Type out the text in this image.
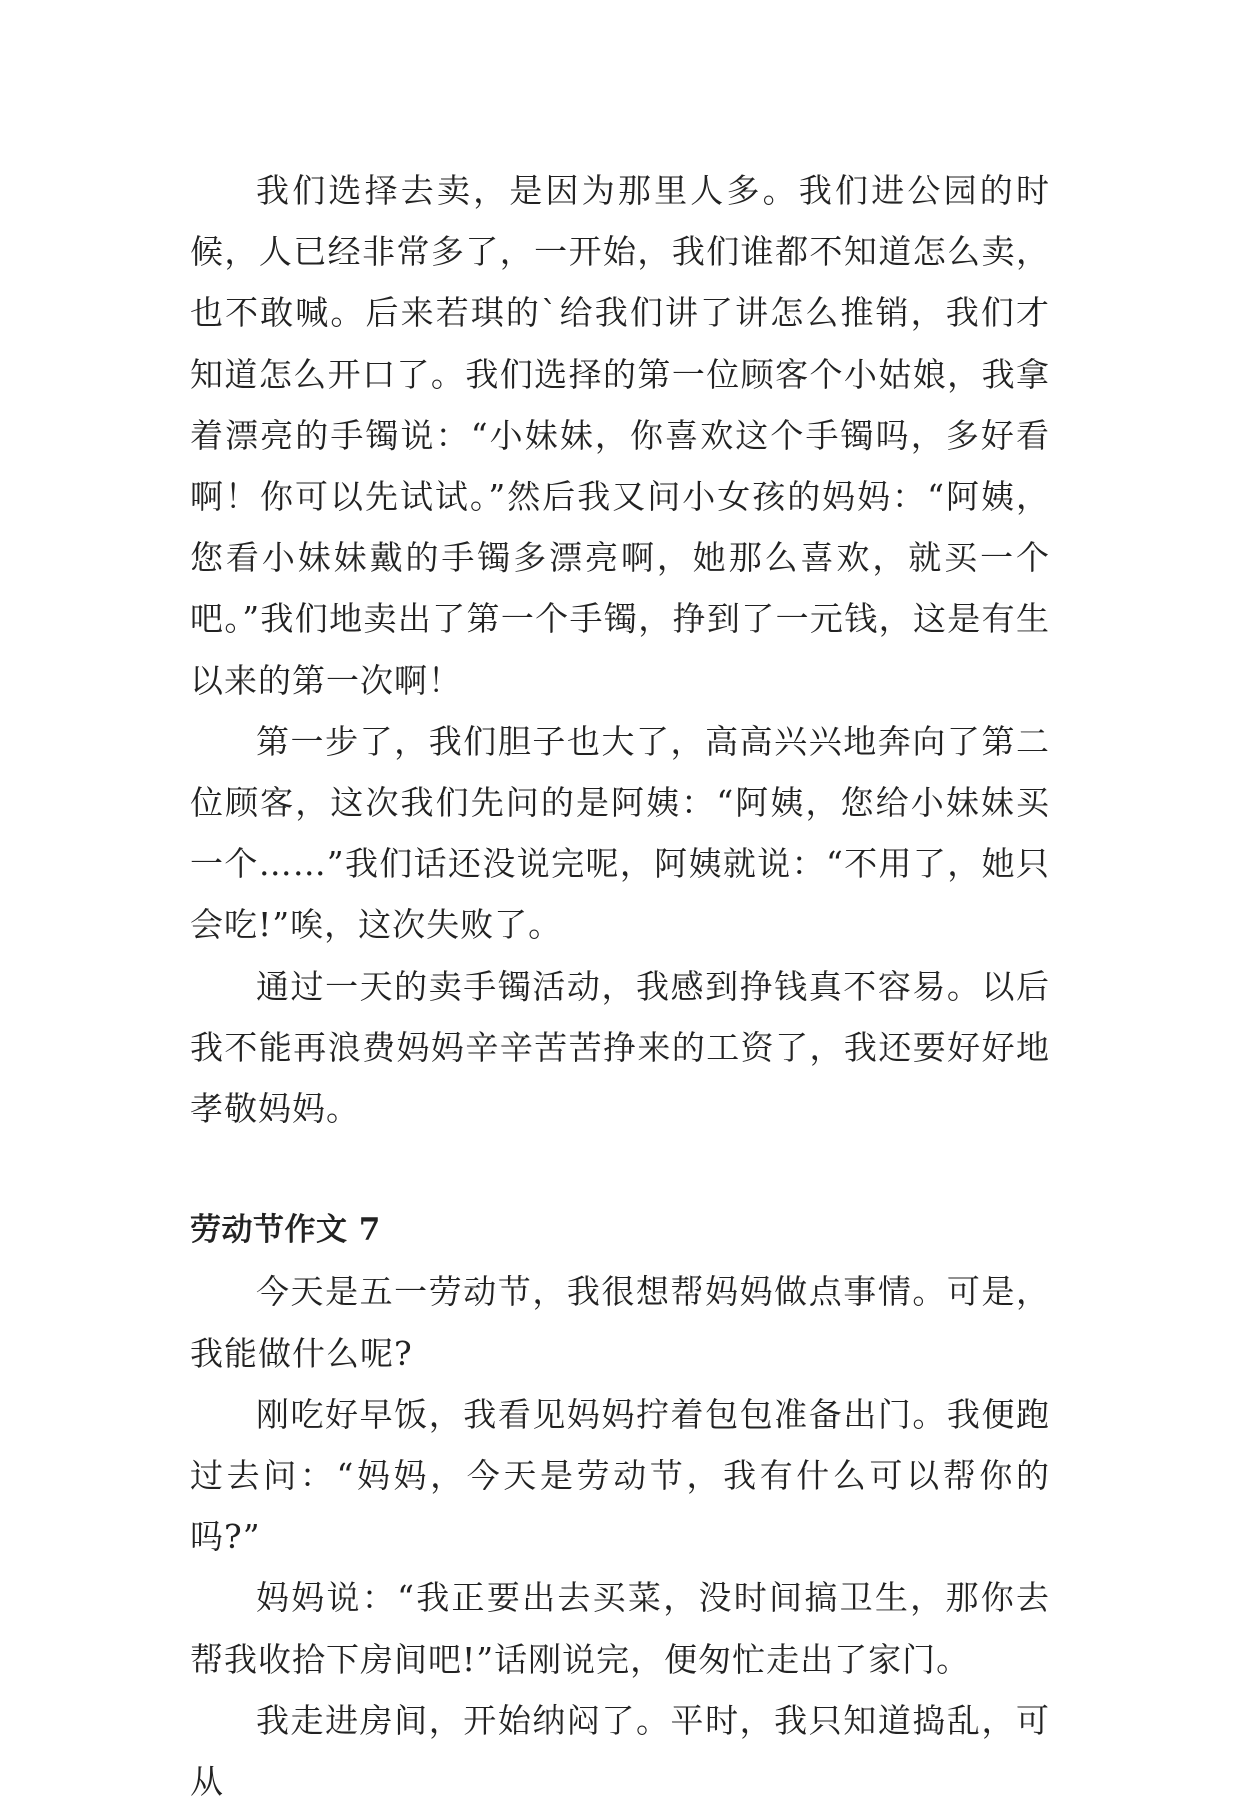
我们选择去卖，是因为那里人多。我们进公园的时候，人已经非常多了，一开始，我们谁都不知道怎么卖，也不敢喊。后来若琪的`给我们讲了讲怎么推销，我们才知道怎么开口了。我们选择的第一位顾客个小姑娘，我拿着漂亮的手镯说：“小妹妹，你喜欢这个手镯吗，多好看啊！你可以先试试。”然后我又问小女孩的妈妈：“阿姨，您看小妹妹戴的手镯多漂亮啊，她那么喜欢，就买一个吧。”我们地卖出了第一个手镯，挣到了一元钱，这是有生以来的第一次啊！

第一步了，我们胆子也大了，高高兴兴地奔向了第二位顾客，这次我们先问的是阿姨：“阿姨，您给小妹妹买一个……”我们话还没说完呢，阿姨就说：“不用了，她只会吃!”唉，这次失败了。

通过一天的卖手镯活动，我感到挣钱真不容易。以后我不能再浪费妈妈辛辛苦苦挣来的工资了，我还要好好地孝敬妈妈。

劳动节作文 7

今天是五一劳动节，我很想帮妈妈做点事情。可是，我能做什么呢?

刚吃好早饭，我看见妈妈拧着包包准备出门。我便跑过去问：“妈妈，今天是劳动节，我有什么可以帮你的吗?”

妈妈说：“我正要出去买菜，没时间搞卫生，那你去帮我收拾下房间吧!”话刚说完，便匆忙走出了家门。

我走进房间，开始纳闷了。平时，我只知道捣乱，可从
